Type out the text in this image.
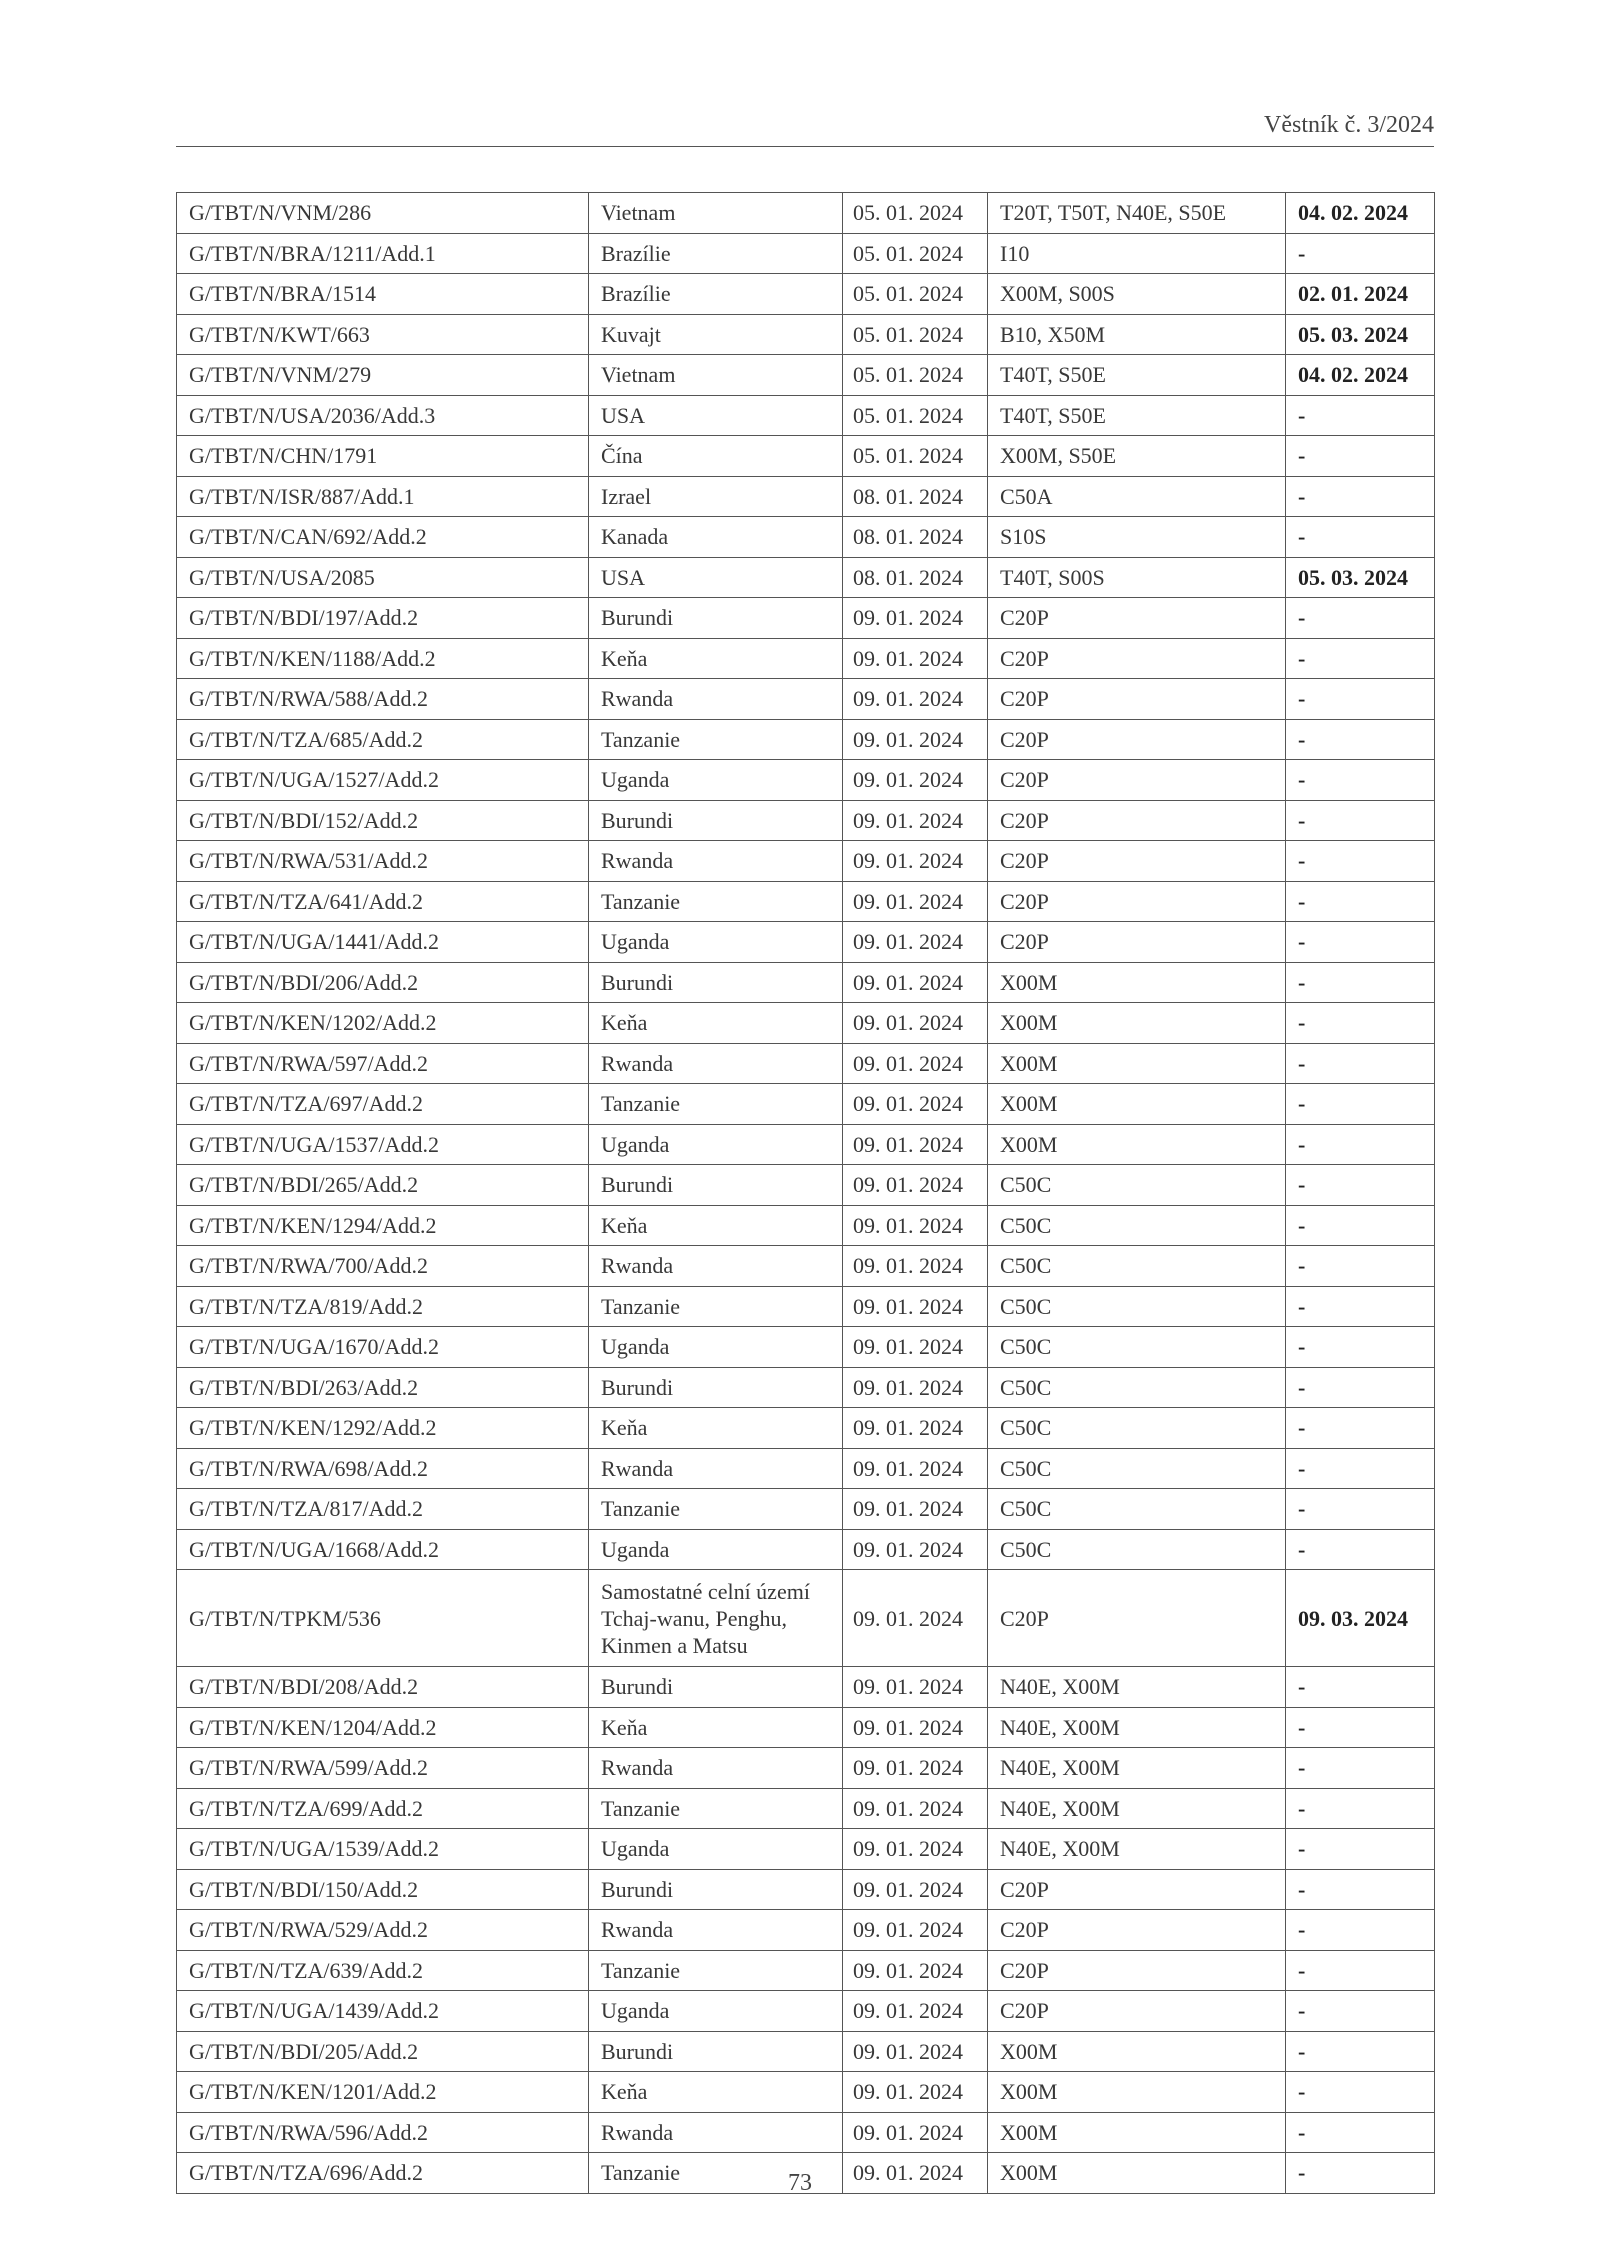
Věstník č. 3/2024
G/TBT/N/VNM/286	Vietnam	05. 01. 2024	T20T, T50T, N40E, S50E	04. 02. 2024
G/TBT/N/BRA/1211/Add.1	Brazílie	05. 01. 2024	I10	-
G/TBT/N/BRA/1514	Brazílie	05. 01. 2024	X00M, S00S	02. 01. 2024
G/TBT/N/KWT/663	Kuvajt	05. 01. 2024	B10, X50M	05. 03. 2024
G/TBT/N/VNM/279	Vietnam	05. 01. 2024	T40T, S50E	04. 02. 2024
G/TBT/N/USA/2036/Add.3	USA	05. 01. 2024	T40T, S50E	-
G/TBT/N/CHN/1791	Čína	05. 01. 2024	X00M, S50E	-
G/TBT/N/ISR/887/Add.1	Izrael	08. 01. 2024	C50A	-
G/TBT/N/CAN/692/Add.2	Kanada	08. 01. 2024	S10S	-
G/TBT/N/USA/2085	USA	08. 01. 2024	T40T, S00S	05. 03. 2024
G/TBT/N/BDI/197/Add.2	Burundi	09. 01. 2024	C20P	-
G/TBT/N/KEN/1188/Add.2	Keňa	09. 01. 2024	C20P	-
G/TBT/N/RWA/588/Add.2	Rwanda	09. 01. 2024	C20P	-
G/TBT/N/TZA/685/Add.2	Tanzanie	09. 01. 2024	C20P	-
G/TBT/N/UGA/1527/Add.2	Uganda	09. 01. 2024	C20P	-
G/TBT/N/BDI/152/Add.2	Burundi	09. 01. 2024	C20P	-
G/TBT/N/RWA/531/Add.2	Rwanda	09. 01. 2024	C20P	-
G/TBT/N/TZA/641/Add.2	Tanzanie	09. 01. 2024	C20P	-
G/TBT/N/UGA/1441/Add.2	Uganda	09. 01. 2024	C20P	-
G/TBT/N/BDI/206/Add.2	Burundi	09. 01. 2024	X00M	-
G/TBT/N/KEN/1202/Add.2	Keňa	09. 01. 2024	X00M	-
G/TBT/N/RWA/597/Add.2	Rwanda	09. 01. 2024	X00M	-
G/TBT/N/TZA/697/Add.2	Tanzanie	09. 01. 2024	X00M	-
G/TBT/N/UGA/1537/Add.2	Uganda	09. 01. 2024	X00M	-
G/TBT/N/BDI/265/Add.2	Burundi	09. 01. 2024	C50C	-
G/TBT/N/KEN/1294/Add.2	Keňa	09. 01. 2024	C50C	-
G/TBT/N/RWA/700/Add.2	Rwanda	09. 01. 2024	C50C	-
G/TBT/N/TZA/819/Add.2	Tanzanie	09. 01. 2024	C50C	-
G/TBT/N/UGA/1670/Add.2	Uganda	09. 01. 2024	C50C	-
G/TBT/N/BDI/263/Add.2	Burundi	09. 01. 2024	C50C	-
G/TBT/N/KEN/1292/Add.2	Keňa	09. 01. 2024	C50C	-
G/TBT/N/RWA/698/Add.2	Rwanda	09. 01. 2024	C50C	-
G/TBT/N/TZA/817/Add.2	Tanzanie	09. 01. 2024	C50C	-
G/TBT/N/UGA/1668/Add.2	Uganda	09. 01. 2024	C50C	-
G/TBT/N/TPKM/536	Samostatné celní území Tchaj-wanu, Penghu, Kinmen a Matsu	09. 01. 2024	C20P	09. 03. 2024
G/TBT/N/BDI/208/Add.2	Burundi	09. 01. 2024	N40E, X00M	-
G/TBT/N/KEN/1204/Add.2	Keňa	09. 01. 2024	N40E, X00M	-
G/TBT/N/RWA/599/Add.2	Rwanda	09. 01. 2024	N40E, X00M	-
G/TBT/N/TZA/699/Add.2	Tanzanie	09. 01. 2024	N40E, X00M	-
G/TBT/N/UGA/1539/Add.2	Uganda	09. 01. 2024	N40E, X00M	-
G/TBT/N/BDI/150/Add.2	Burundi	09. 01. 2024	C20P	-
G/TBT/N/RWA/529/Add.2	Rwanda	09. 01. 2024	C20P	-
G/TBT/N/TZA/639/Add.2	Tanzanie	09. 01. 2024	C20P	-
G/TBT/N/UGA/1439/Add.2	Uganda	09. 01. 2024	C20P	-
G/TBT/N/BDI/205/Add.2	Burundi	09. 01. 2024	X00M	-
G/TBT/N/KEN/1201/Add.2	Keňa	09. 01. 2024	X00M	-
G/TBT/N/RWA/596/Add.2	Rwanda	09. 01. 2024	X00M	-
G/TBT/N/TZA/696/Add.2	Tanzanie	09. 01. 2024	X00M	-
73
